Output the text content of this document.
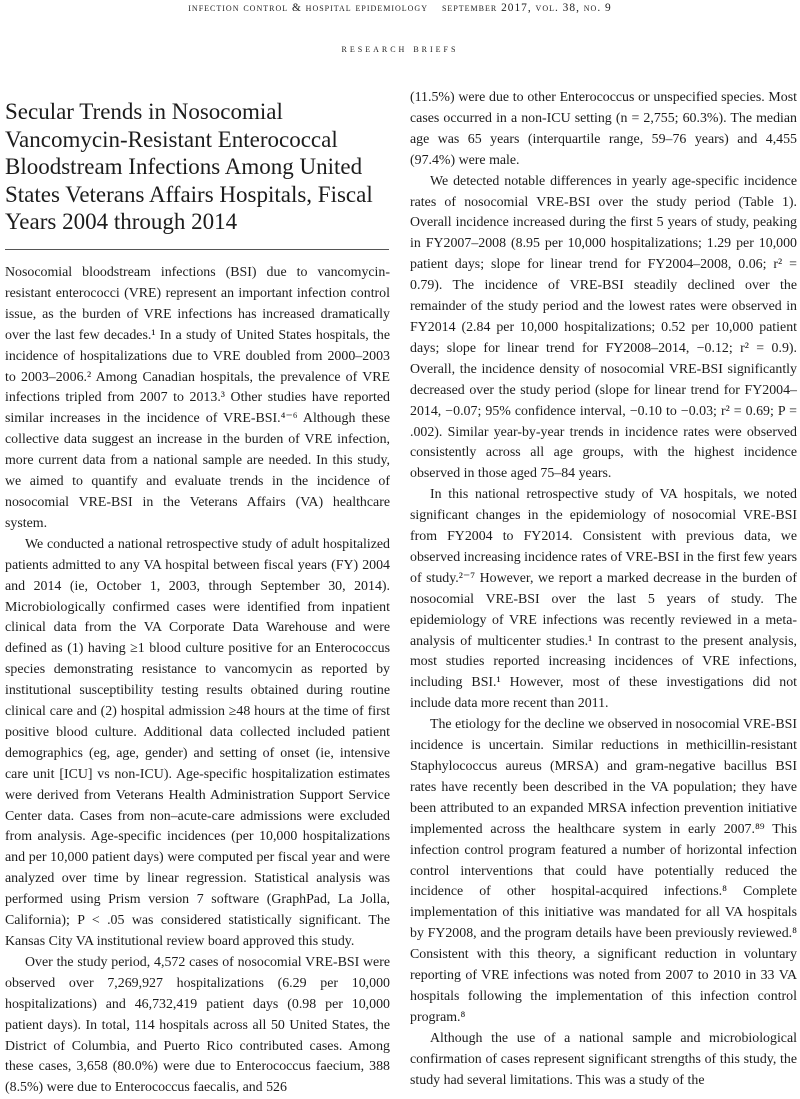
infection control & hospital epidemiology september 2017, vol. 38, no. 9
research briefs
Secular Trends in Nosocomial Vancomycin-Resistant Enterococcal Bloodstream Infections Among United States Veterans Affairs Hospitals, Fiscal Years 2004 through 2014

Nosocomial bloodstream infections (BSI) due to vancomycin-resistant enterococci (VRE) represent an important infection control issue, as the burden of VRE infections has increased dramatically over the last few decades.¹ In a study of United States hospitals, the incidence of hospitalizations due to VRE doubled from 2000–2003 to 2003–2006.² Among Canadian hospitals, the prevalence of VRE infections tripled from 2007 to 2013.³ Other studies have reported similar increases in the incidence of VRE-BSI.⁴⁻⁶ Although these collective data suggest an increase in the burden of VRE infection, more current data from a national sample are needed. In this study, we aimed to quantify and evaluate trends in the incidence of nosocomial VRE-BSI in the Veterans Affairs (VA) healthcare system.

We conducted a national retrospective study of adult hospitalized patients admitted to any VA hospital between fiscal years (FY) 2004 and 2014 (ie, October 1, 2003, through September 30, 2014). Microbiologically confirmed cases were identified from inpatient clinical data from the VA Corporate Data Warehouse and were defined as (1) having ≥1 blood culture positive for an Enterococcus species demonstrating resistance to vancomycin as reported by institutional susceptibility testing results obtained during routine clinical care and (2) hospital admission ≥48 hours at the time of first positive blood culture. Additional data collected included patient demographics (eg, age, gender) and setting of onset (ie, intensive care unit [ICU] vs non-ICU). Age-specific hospitalization estimates were derived from Veterans Health Administration Support Service Center data. Cases from non–acute-care admissions were excluded from analysis. Age-specific incidences (per 10,000 hospitalizations and per 10,000 patient days) were computed per fiscal year and were analyzed over time by linear regression. Statistical analysis was performed using Prism version 7 software (GraphPad, La Jolla, California); P < .05 was considered statistically significant. The Kansas City VA institutional review board approved this study.

Over the study period, 4,572 cases of nosocomial VRE-BSI were observed over 7,269,927 hospitalizations (6.29 per 10,000 hospitalizations) and 46,732,419 patient days (0.98 per 10,000 patient days). In total, 114 hospitals across all 50 United States, the District of Columbia, and Puerto Rico contributed cases. Among these cases, 3,658 (80.0%) were due to Enterococcus faecium, 388 (8.5%) were due to Enterococcus faecalis, and 526

(11.5%) were due to other Enterococcus or unspecified species. Most cases occurred in a non-ICU setting (n = 2,755; 60.3%). The median age was 65 years (interquartile range, 59–76 years) and 4,455 (97.4%) were male.

We detected notable differences in yearly age-specific incidence rates of nosocomial VRE-BSI over the study period (Table 1). Overall incidence increased during the first 5 years of study, peaking in FY2007–2008 (8.95 per 10,000 hospitalizations; 1.29 per 10,000 patient days; slope for linear trend for FY2004–2008, 0.06; r² = 0.79). The incidence of VRE-BSI steadily declined over the remainder of the study period and the lowest rates were observed in FY2014 (2.84 per 10,000 hospitalizations; 0.52 per 10,000 patient days; slope for linear trend for FY2008–2014, −0.12; r² = 0.9). Overall, the incidence density of nosocomial VRE-BSI significantly decreased over the study period (slope for linear trend for FY2004–2014, −0.07; 95% confidence interval, −0.10 to −0.03; r² = 0.69; P = .002). Similar year-by-year trends in incidence rates were observed consistently across all age groups, with the highest incidence observed in those aged 75–84 years.

In this national retrospective study of VA hospitals, we noted significant changes in the epidemiology of nosocomial VRE-BSI from FY2004 to FY2014. Consistent with previous data, we observed increasing incidence rates of VRE-BSI in the first few years of study.²⁻⁷ However, we report a marked decrease in the burden of nosocomial VRE-BSI over the last 5 years of study. The epidemiology of VRE infections was recently reviewed in a meta-analysis of multicenter studies.¹ In contrast to the present analysis, most studies reported increasing incidences of VRE infections, including BSI.¹ However, most of these investigations did not include data more recent than 2011.

The etiology for the decline we observed in nosocomial VRE-BSI incidence is uncertain. Similar reductions in methicillin-resistant Staphylococcus aureus (MRSA) and gram-negative bacillus BSI rates have recently been described in the VA population; they have been attributed to an expanded MRSA infection prevention initiative implemented across the healthcare system in early 2007.⁸⁹ This infection control program featured a number of horizontal infection control interventions that could have potentially reduced the incidence of other hospital-acquired infections.⁸ Complete implementation of this initiative was mandated for all VA hospitals by FY2008, and the program details have been previously reviewed.⁸ Consistent with this theory, a significant reduction in voluntary reporting of VRE infections was noted from 2007 to 2010 in 33 VA hospitals following the implementation of this infection control program.⁸

Although the use of a national sample and microbiological confirmation of cases represent significant strengths of this study, the study had several limitations. This was a study of the
